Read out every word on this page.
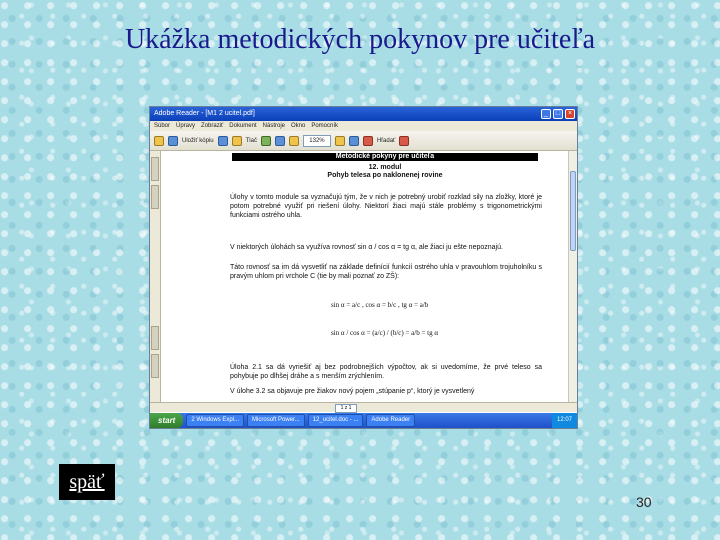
Ukážka metodických pokynov pre učiteľa
Adobe Reader - [M1 2 ucitel.pdf]	_	□	×
Súbor Úpravy Zobraziť Dokument Nástroje Okno Pomocník
Uložiť kópiu	Tlač	132%	Hľadať
Metodické pokyny pre učiteľa
12. modul
Pohyb telesa po naklonenej rovine
Úlohy v tomto module sa vyznačujú tým, že v nich je potrebný urobiť rozklad sily na zložky, ktoré je potom potrebné využiť pri riešení úlohy. Niektorí žiaci majú stále problémy s trigonometrickými funkciami ostrého uhla.
V niektorých úlohách sa využíva rovnosť sin α / cos α = tg α, ale žiaci ju ešte nepoznajú.
Táto rovnosť sa im dá vysvetliť na základe definícií funkcií ostrého uhla v pravouhlom trojuholníku s pravým uhlom pri vrchole C (tie by mali poznať zo ZŠ):
sin α = a/c , cos α = b/c , tg α = a/b
sin α / cos α = (a/c) / (b/c) = a/b = tg α
Úloha 2.1 sa dá vyriešiť aj bez podrobnejších výpočtov, ak si uvedomíme, že prvé teleso sa pohybuje po dlhšej dráhe a s menším zrýchlením.
V úlohe 3.2 sa objavuje pre žiakov nový pojem „stúpanie p“, ktorý je vysvetlený
1 z 1
start	2 Windows Expl...	Microsoft Power...	12_ucitel.doc - ...	Adobe Reader	12:07
späť
30
